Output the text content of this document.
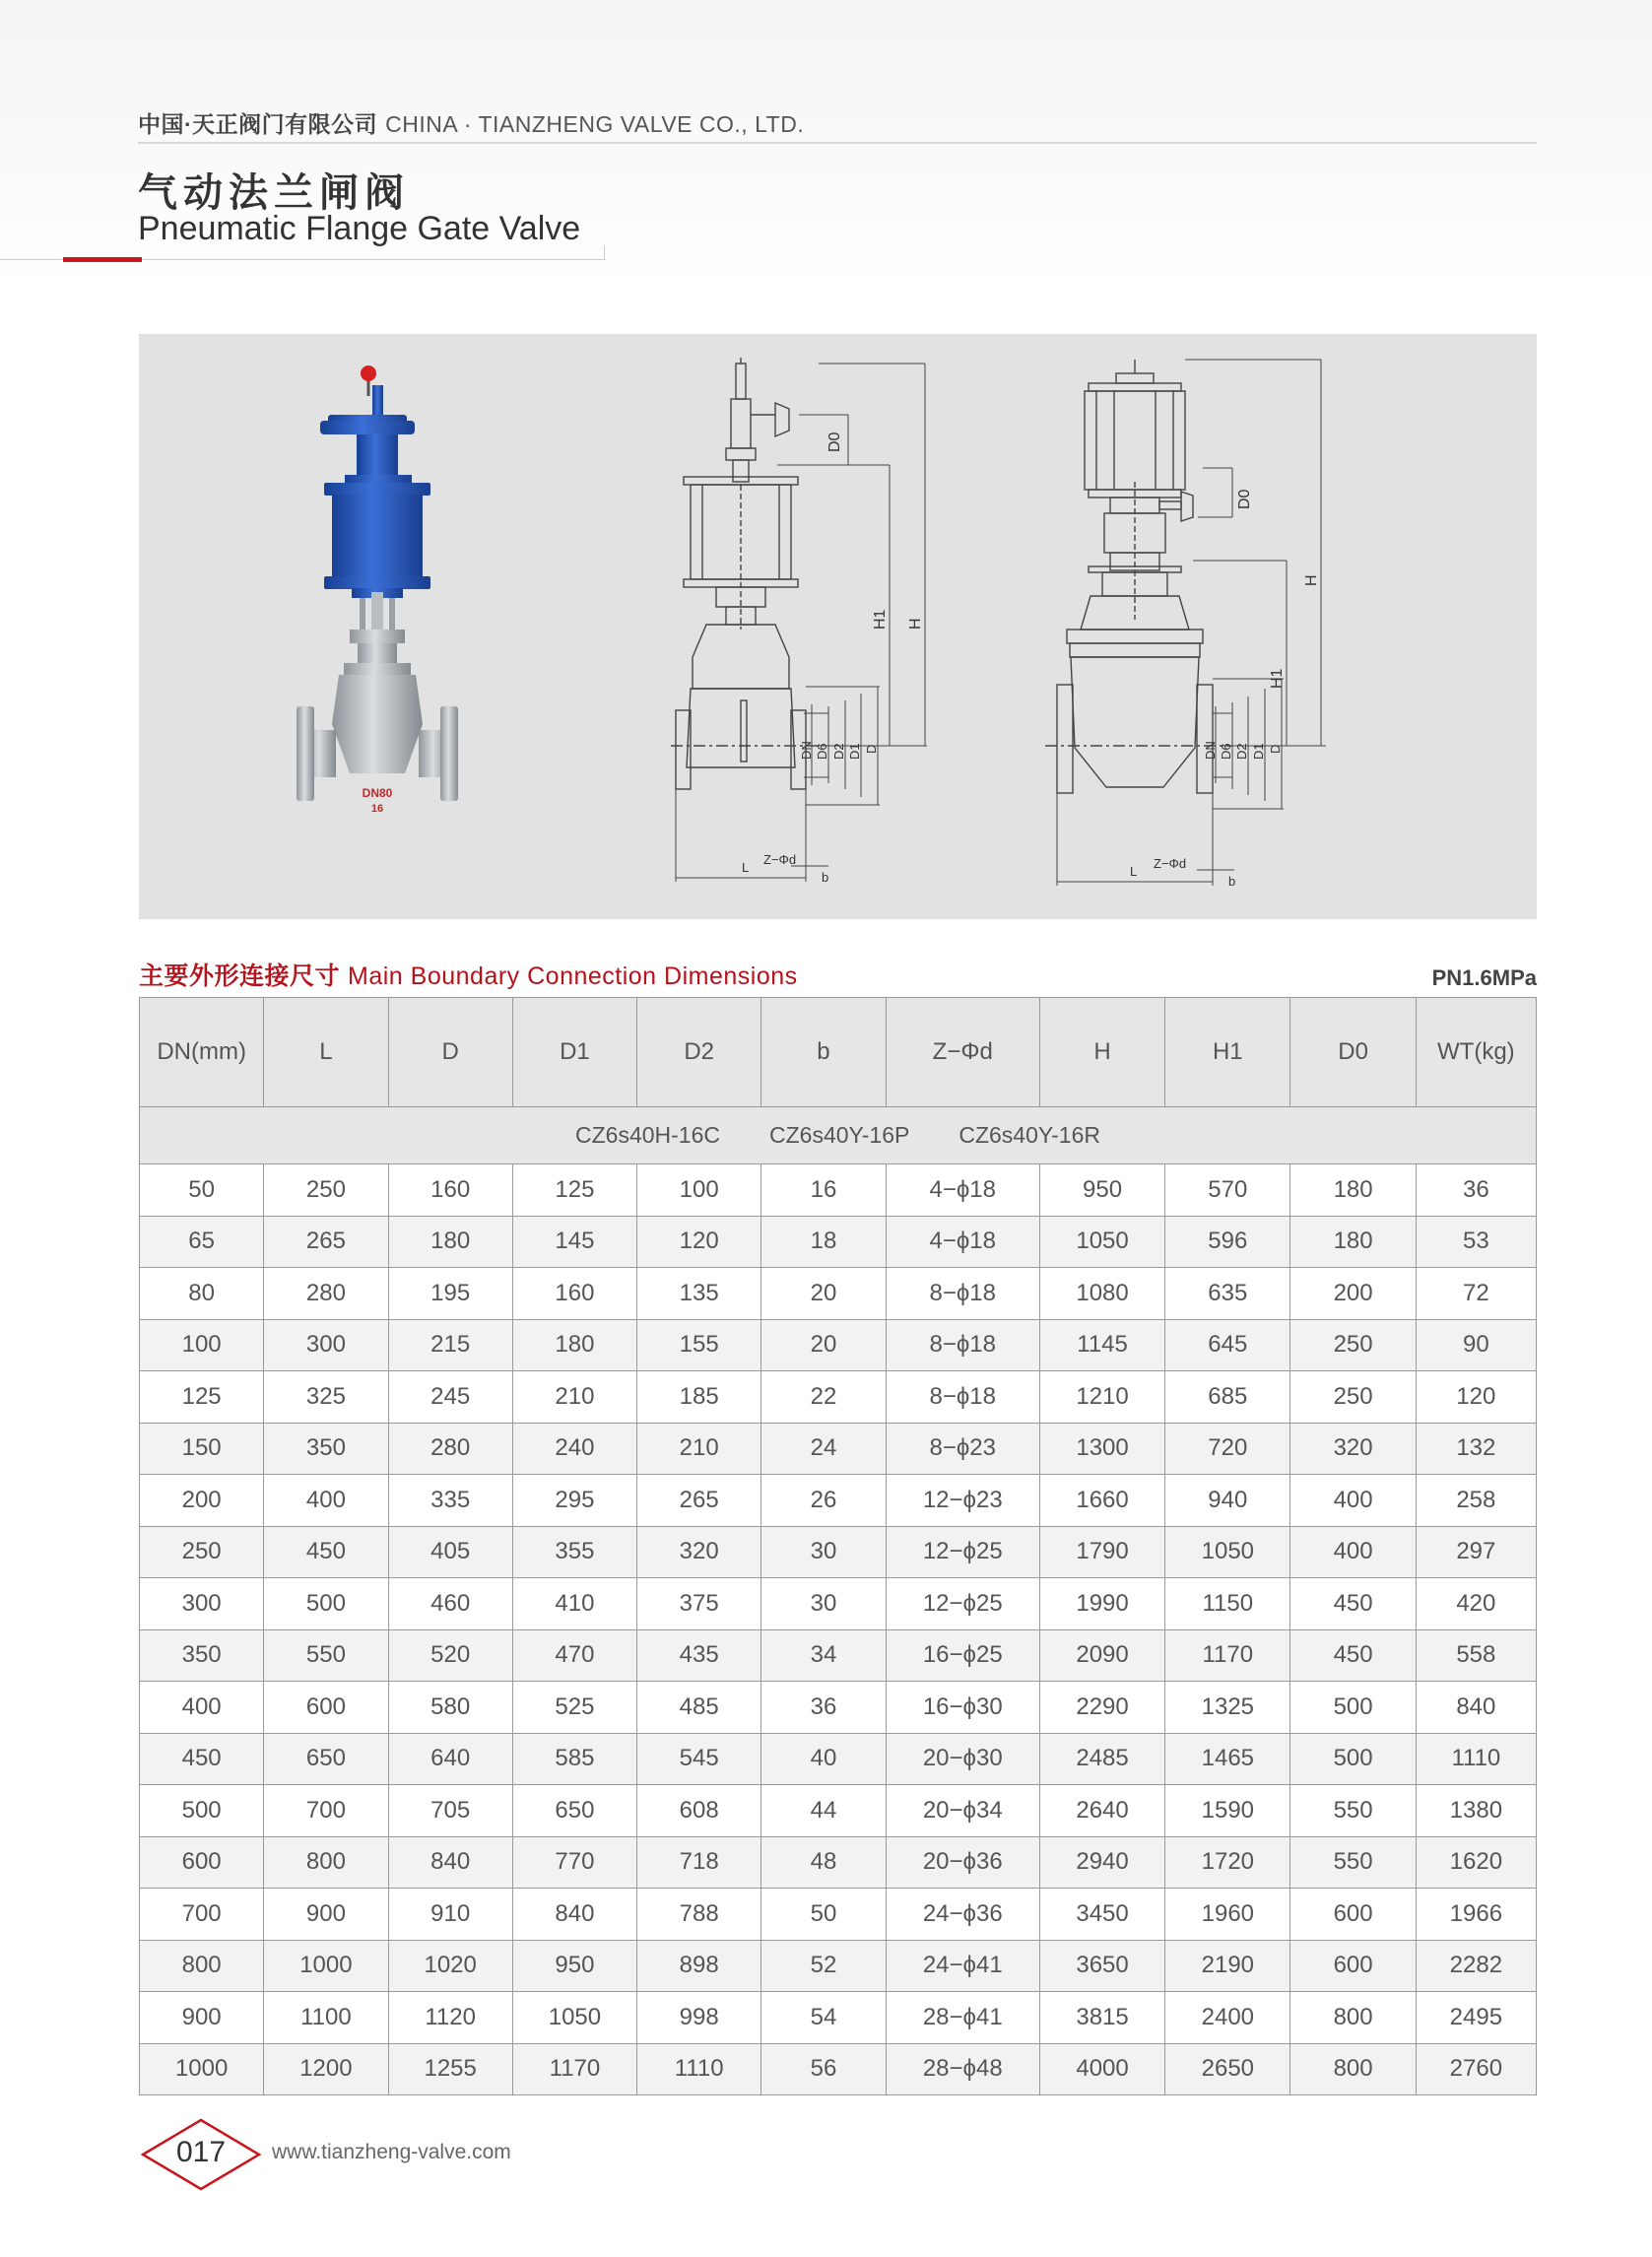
中国·天正阀门有限公司 CHINA · TIANZHENG VALVE CO., LTD.
气动法兰闸阀
Pneumatic Flange Gate Valve
DN80
16
D0
H1 H
DN D6 D2 D1 D
L
Z−Φd
b
D0
H1
H
DN D6 D2 D1 D
L
Z−Φd
b
主要外形连接尺寸 Main Boundary Connection Dimensions	PN1.6MPa
DN(mm)	L	D	D1	D2	b	Z−Φd	H	H1	D0	WT(kg)
CZ6s40H-16C CZ6s40Y-16P CZ6s40Y-16R										
50	250	160	125	100	16	4−ϕ18	950	570	180	36
65	265	180	145	120	18	4−ϕ18	1050	596	180	53
80	280	195	160	135	20	8−ϕ18	1080	635	200	72
100	300	215	180	155	20	8−ϕ18	1145	645	250	90
125	325	245	210	185	22	8−ϕ18	1210	685	250	120
150	350	280	240	210	24	8−ϕ23	1300	720	320	132
200	400	335	295	265	26	12−ϕ23	1660	940	400	258
250	450	405	355	320	30	12−ϕ25	1790	1050	400	297
300	500	460	410	375	30	12−ϕ25	1990	1150	450	420
350	550	520	470	435	34	16−ϕ25	2090	1170	450	558
400	600	580	525	485	36	16−ϕ30	2290	1325	500	840
450	650	640	585	545	40	20−ϕ30	2485	1465	500	1110
500	700	705	650	608	44	20−ϕ34	2640	1590	550	1380
600	800	840	770	718	48	20−ϕ36	2940	1720	550	1620
700	900	910	840	788	50	24−ϕ36	3450	1960	600	1966
800	1000	1020	950	898	52	24−ϕ41	3650	2190	600	2282
900	1100	1120	1050	998	54	28−ϕ41	3815	2400	800	2495
1000	1200	1255	1170	1110	56	28−ϕ48	4000	2650	800	2760
017	www.tianzheng-valve.com
